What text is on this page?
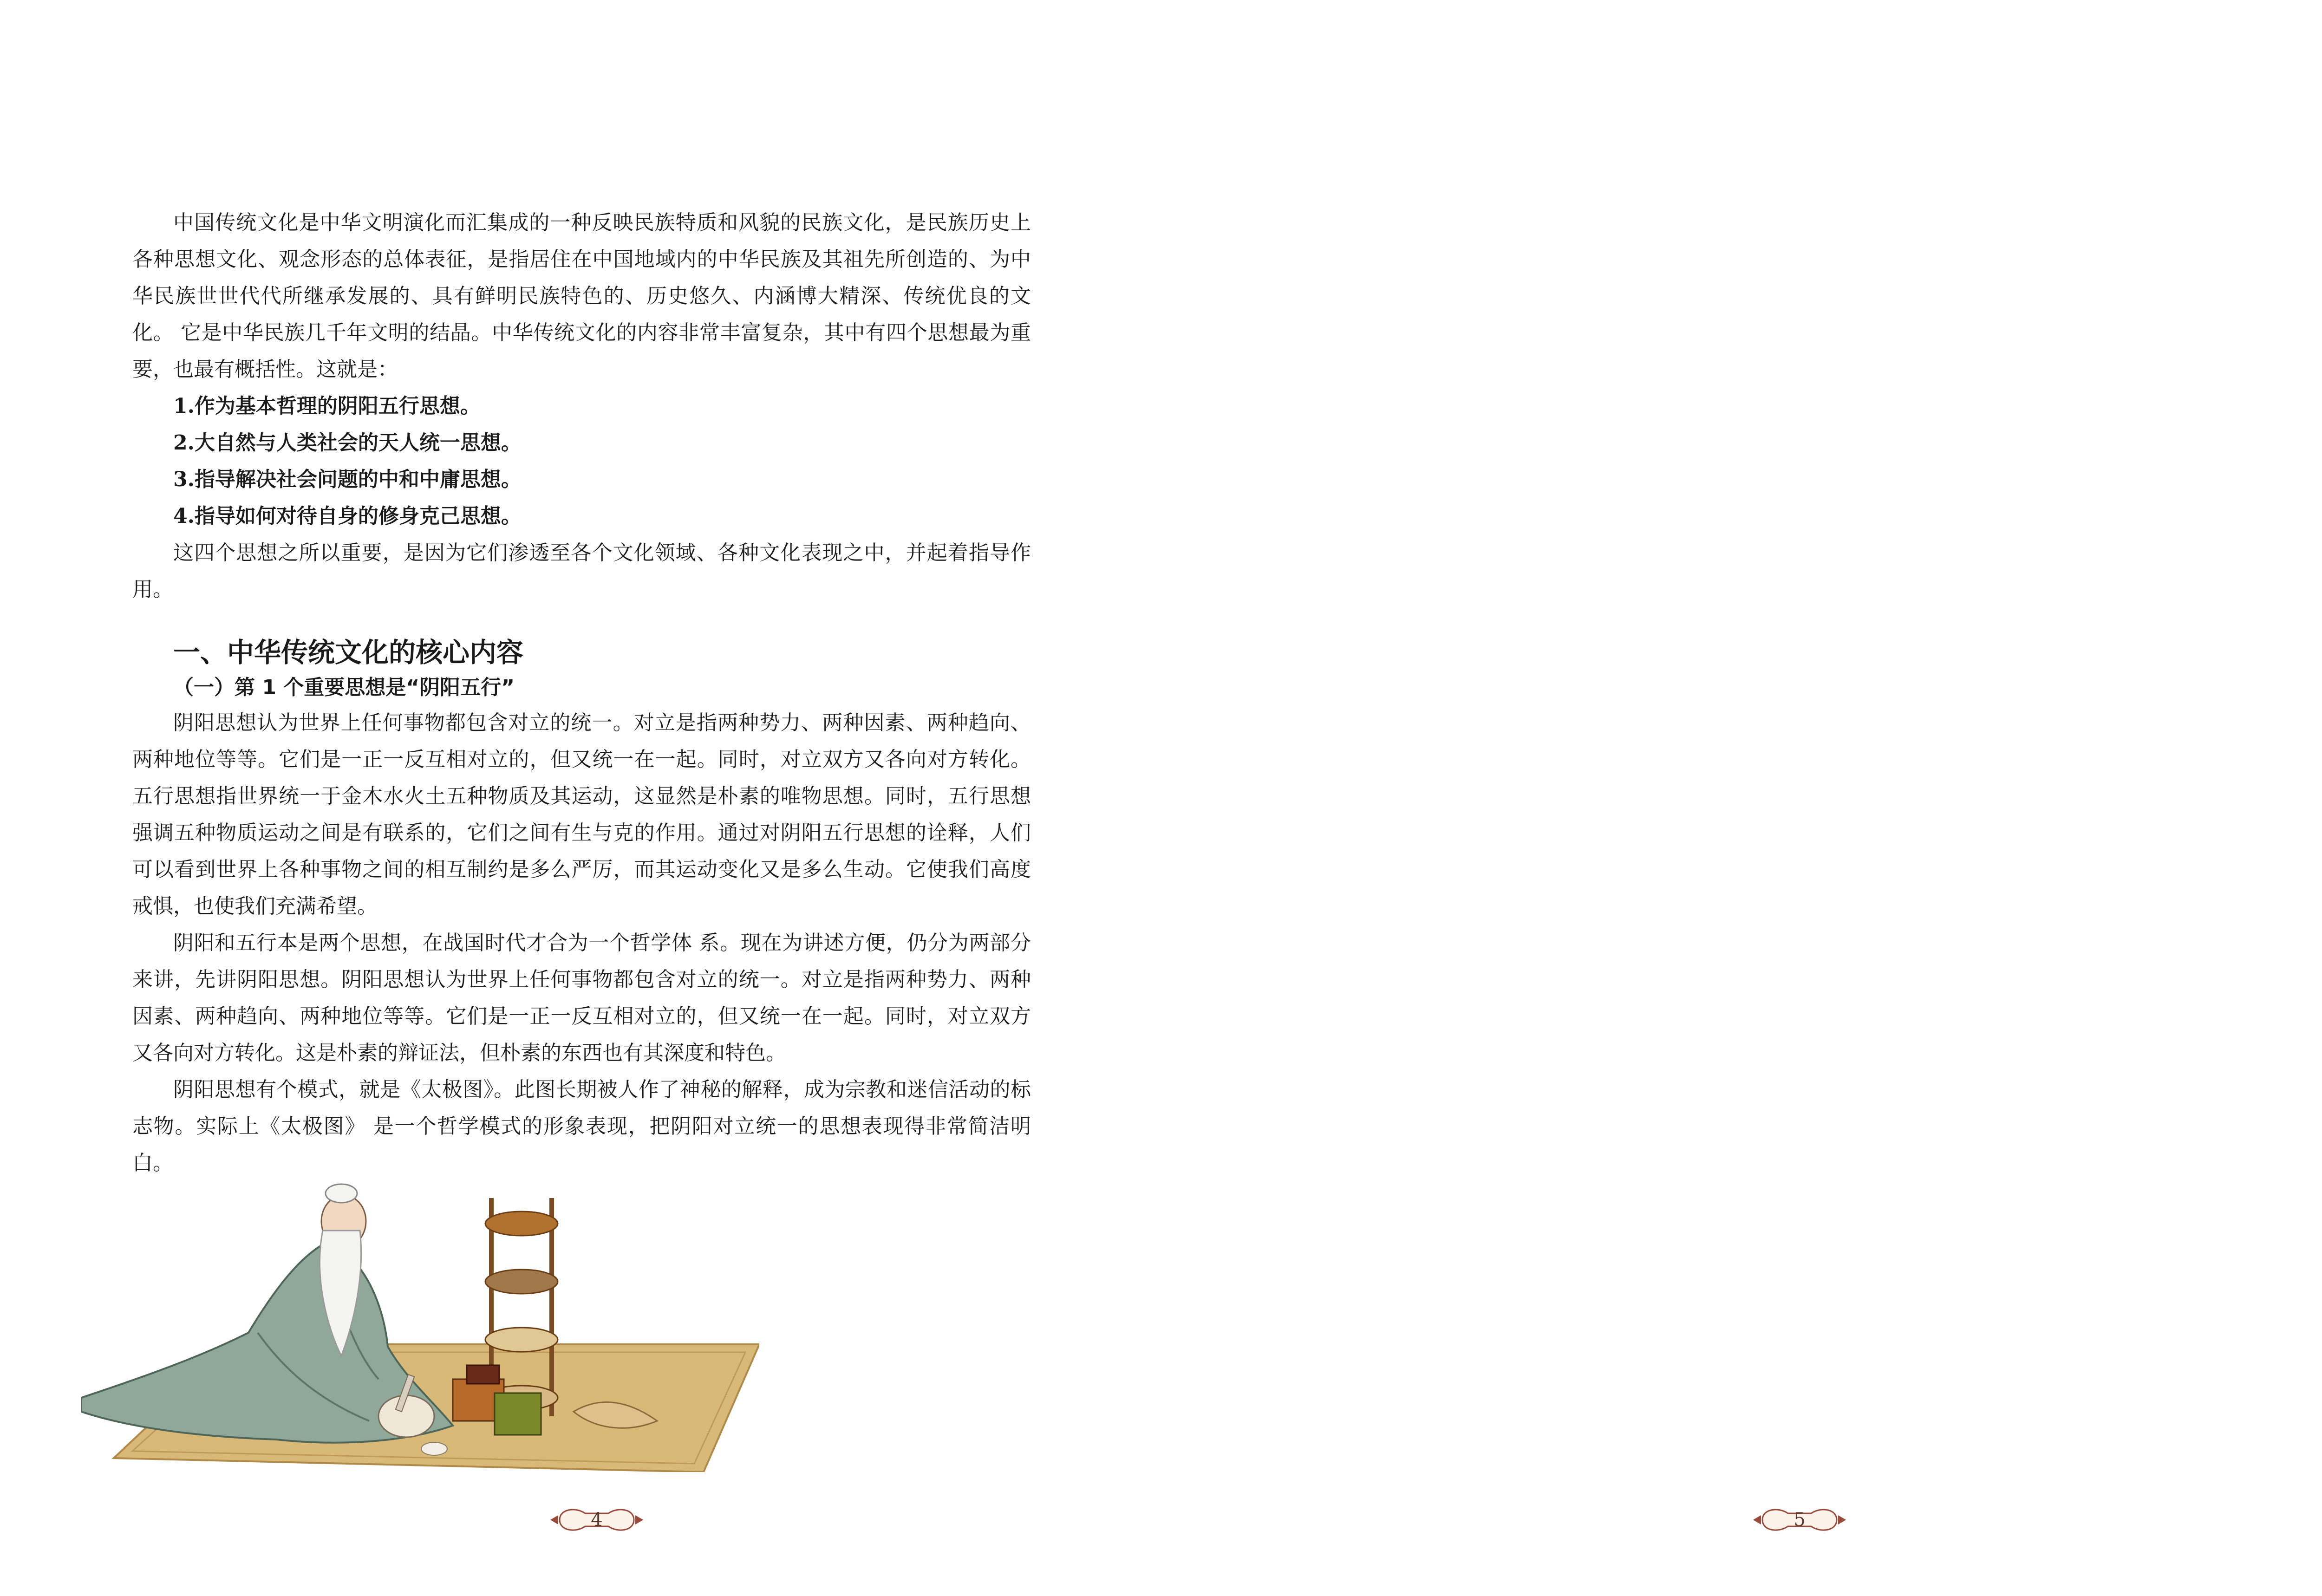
中国传统文化是中华文明演化而汇集成的一种反映民族特质和风貌的民族文化，是民族历史上各种思想文化、观念形态的总体表征，是指居住在中国地域内的中华民族及其祖先所创造的、为中华民族世世代代所继承发展的、具有鲜明民族特色的、历史悠久、内涵博大精深、传统优良的文化。 它是中华民族几千年文明的结晶。中华传统文化的内容非常丰富复杂，其中有四个思想最为重要，也最有概括性。这就是：

1.作为基本哲理的阴阳五行思想。

2.大自然与人类社会的天人统一思想。

3.指导解决社会问题的中和中庸思想。

4.指导如何对待自身的修身克己思想。

这四个思想之所以重要，是因为它们渗透至各个文化领域、各种文化表现之中，并起着指导作用。

一、中华传统文化的核心内容
（一）第 1 个重要思想是“阴阳五行”

阴阳思想认为世界上任何事物都包含对立的统一。对立是指两种势力、两种因素、两种趋向、两种地位等等。它们是一正一反互相对立的，但又统一在一起。同时，对立双方又各向对方转化。五行思想指世界统一于金木水火土五种物质及其运动，这显然是朴素的唯物思想。同时，五行思想强调五种物质运动之间是有联系的，它们之间有生与克的作用。通过对阴阳五行思想的诠释，人们可以看到世界上各种事物之间的相互制约是多么严厉，而其运动变化又是多么生动。它使我们高度戒惧，也使我们充满希望。

阴阳和五行本是两个思想，在战国时代才合为一个哲学体 系。现在为讲述方便，仍分为两部分来讲，先讲阴阳思想。阴阳思想认为世界上任何事物都包含对立的统一。对立是指两种势力、两种因素、两种趋向、两种地位等等。它们是一正一反互相对立的，但又统一在一起。同时，对立双方又各向对方转化。这是朴素的辩证法，但朴素的东西也有其深度和特色。

阴阳思想有个模式，就是《太极图》。此图长期被人作了神秘的解释，成为宗教和迷信活动的标志物。实际上《太极图》 是一个哲学模式的形象表现，把阴阳对立统一的思想表现得非常简洁明白。

4	5
